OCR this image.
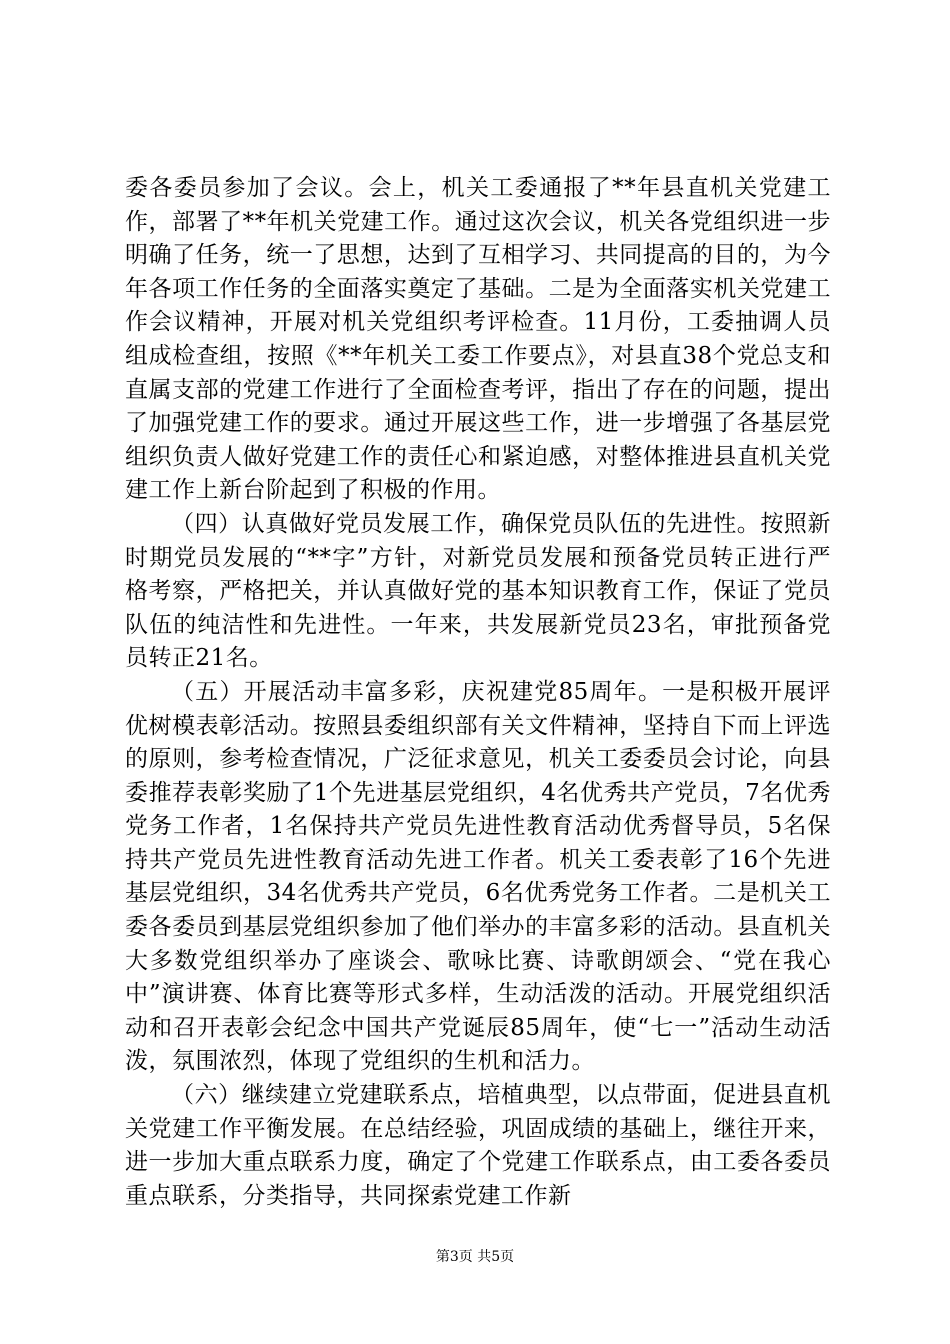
委各委员参加了会议。会上，机关工委通报了**年县直机关党建工作，部署了**年机关党建工作。通过这次会议，机关各党组织进一步明确了任务，统一了思想，达到了互相学习、共同提高的目的，为今年各项工作任务的全面落实奠定了基础。二是为全面落实机关党建工作会议精神，开展对机关党组织考评检查。11月份，工委抽调人员组成检查组，按照《**年机关工委工作要点》，对县直38个党总支和直属支部的党建工作进行了全面检查考评，指出了存在的问题，提出了加强党建工作的要求。通过开展这些工作，进一步增强了各基层党组织负责人做好党建工作的责任心和紧迫感，对整体推进县直机关党建工作上新台阶起到了积极的作用。

（四）认真做好党员发展工作，确保党员队伍的先进性。按照新时期党员发展的“**字”方针，对新党员发展和预备党员转正进行严格考察，严格把关，并认真做好党的基本知识教育工作，保证了党员队伍的纯洁性和先进性。一年来，共发展新党员23名，审批预备党员转正21名。

（五）开展活动丰富多彩，庆祝建党85周年。一是积极开展评优树模表彰活动。按照县委组织部有关文件精神，坚持自下而上评选的原则，参考检查情况，广泛征求意见，机关工委委员会讨论，向县委推荐表彰奖励了1个先进基层党组织，4名优秀共产党员，7名优秀党务工作者，1名保持共产党员先进性教育活动优秀督导员，5名保持共产党员先进性教育活动先进工作者。机关工委表彰了16个先进基层党组织，34名优秀共产党员，6名优秀党务工作者。二是机关工委各委员到基层党组织参加了他们举办的丰富多彩的活动。县直机关大多数党组织举办了座谈会、歌咏比赛、诗歌朗颂会、“党在我心中”演讲赛、体育比赛等形式多样，生动活泼的活动。开展党组织活动和召开表彰会纪念中国共产党诞辰85周年，使“七一”活动生动活泼，氛围浓烈，体现了党组织的生机和活力。

（六）继续建立党建联系点，培植典型，以点带面，促进县直机关党建工作平衡发展。在总结经验，巩固成绩的基础上，继往开来，进一步加大重点联系力度，确定了个党建工作联系点，由工委各委员重点联系，分类指导，共同探索党建工作新

第3页 共5页
